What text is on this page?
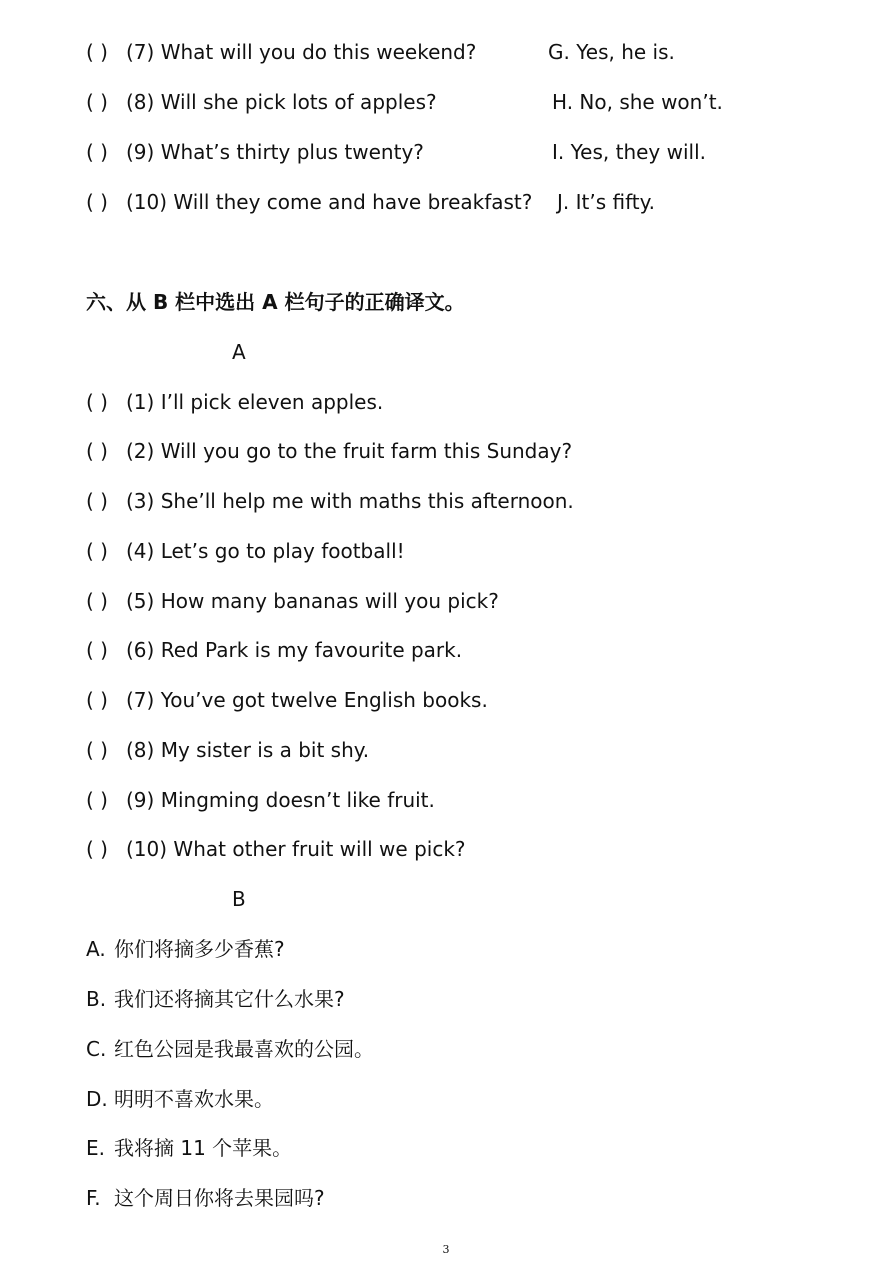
( ) (7) What will you do this weekend?	G. Yes, he is.
( ) (8) Will she pick lots of apples?	H. No, she won’t.
( ) (9) What’s thirty plus twenty?	I. Yes, they will.
( ) (10) Will they come and have breakfast? J. It’s fifty.
六、从 B 栏中选出 A 栏句子的正确译文。
A
( ) (1) I’ll pick eleven apples.
( ) (2) Will you go to the fruit farm this Sunday?
( ) (3) She’ll help me with maths this afternoon.
( ) (4) Let’s go to play football!
( ) (5) How many bananas will you pick?
( ) (6) Red Park is my favourite park.
( ) (7) You’ve got twelve English books.
( ) (8) My sister is a bit shy.
( ) (9) Mingming doesn’t like fruit.
( ) (10) What other fruit will we pick?
B
A. 你们将摘多少香蕉?
B. 我们还将摘其它什么水果?
C. 红色公园是我最喜欢的公园。
D. 明明不喜欢水果。
E. 我将摘 11 个苹果。
F. 这个周日你将去果园吗?
3
